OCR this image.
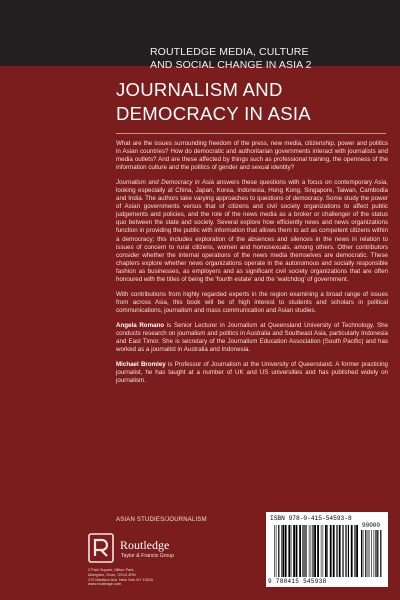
ROUTLEDGE MEDIA, CULTURE
AND SOCIAL CHANGE IN ASIA 2
JOURNALISM AND
DEMOCRACY IN ASIA

What are the issues surrounding freedom of the press, new media, citizenship, power and politics in Asian countries? How do democratic and authoritarian governments interact with journalists and media outlets? And are these affected by things such as professional training, the openness of the information culture and the politics of gender and sexual identity?

Journalism and Democracy in Asia answers these questions with a focus on contemporary Asia, looking especially at China, Japan, Korea, Indonesia, Hong Kong, Singapore, Taiwan, Cambodia and India. The authors take varying approaches to questions of democracy. Some study the power of Asian governments versus that of citizens and civil society organizations to affect public judgements and policies, and the role of the news media as a broker or challenger of the status quo between the state and society. Several explore how efficiently news and news organizations function in providing the public with information that allows them to act as competent citizens within a democracy; this includes exploration of the absences and silences in the news in relation to issues of concern to rural citizens, women and homosexuals, among others. Other contributors consider whether the internal operations of the news media themselves are democratic. These chapters explore whether news organizations operate in the autonomous and socially responsible fashion as businesses, as employers and as significant civil society organizations that are often honoured with the titles of being the ‘fourth estate’ and the ‘watchdog’ of government.

With contributions from highly regarded experts in the region examining a broad range of issues from across Asia, this book will be of high interest to students and scholars in political communications, journalism and mass communication and Asian studies.

Angela Romano is Senior Lecturer in Journalism at Queensland University of Technology. She conducts research on journalism and politics in Australia and Southeast Asia, particularly Indonesia and East Timor. She is secretary of the Journalism Education Association (South Pacific) and has worked as a journalist in Australia and Indonesia.

Michael Bromley is Professor of Journalism at the University of Queensland. A former practicing journalist, he has taught at a number of UK and US universities and has published widely on journalism.

ASIAN STUDIES/JOURNALISM
Routledge
Taylor & Francis Group
2 Park Square, Milton Park,
Abingdon, Oxon, OX14 4RN
270 Madison Ave, New York NY 10016
www.routledge.com
ISBN 978-0-415-54593-8
90000
9 780415 545938
